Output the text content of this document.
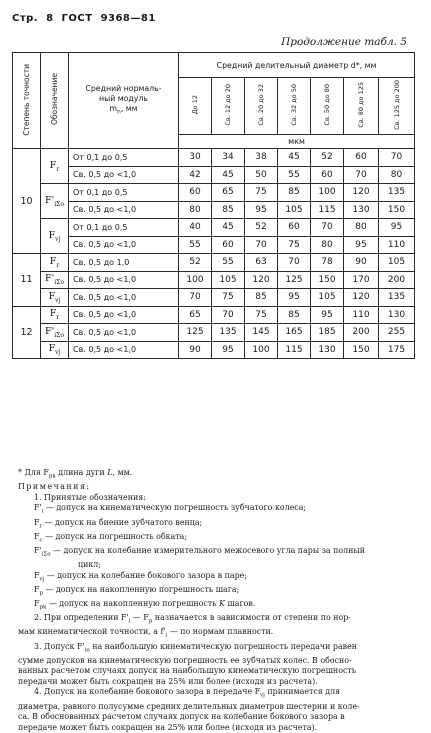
Стр. 8 ГОСТ 9368—81
Продолжение табл. 5
Степень точности	Обозначение	Средний нормаль-
ный модуль
$m_n$, мм	Средний делительный диаметр d*, мм						
			До 12	Св. 12 до 20	Св. 20 до 32	Св. 32 до 50	Св. 50 до 80	Св. 80 до 125	Св. 125 до 200
			мкм						
10	$F_r$	От 0,1 до 0,5	30	34	38	45	52	60	70
		Св. 0,5 до <1,0	42	45	50	55	60	70	80
	$F'_{i\Sigma o}$	От 0,1 до 0,5	60	65	75	85	100	120	135
		Св. 0,5 до <1,0	80	85	95	105	115	130	150
	$F_{vj}$	От 0,1 до 0,5	40	45	52	60	70	80	95
		Св. 0,5 до <1,0	55	60	70	75	80	95	110
11	$F_r$	Св. 0,5 до 1,0	52	55	63	70	78	90	105
	$F'_{i\Sigma o}$	Св. 0,5 до <1,0	100	105	120	125	150	170	200
	$F_{vj}$	Св. 0,5 до <1,0	70	75	85	95	105	120	135
12	$F_r$	Св. 0,5 до <1,0	65	70	75	85	95	110	130
	$F'_{i\Sigma o}$	Св. 0,5 до <1,0	125	135	145	165	185	200	255
	$F_{vj}$	Св. 0,5 до <1,0	90	95	100	115	130	150	175
* Для $F_{pk}$ длина дуги L, мм.
Примечания:
1. Принятые обозначения:
$F'_i$ — допуск на кинематическую погрешность зубчатого колеса;
$F_r$ — допуск на биение зубчатого венца;
$F_c$ — допуск на погрешность обката;
$F'_{i\Sigma o}$ — допуск на колебание измерительного межосевого угла пары за полный
цикл;
$F_{vj}$ — допуск на колебание бокового зазора в паре;
$F_p$ — допуск на накопленную погрешность шага;
$F_{pk}$ — допуск на накопленную погрешность K шагов.
2. При определении $F'_i$ — $F_p$ назначается в зависимости от степени по нор-
мам кинематической точности, а $f'_i$ — по нормам плавности.
3. Допуск $F'_{io}$ на наибольшую кинематическую погрешность передачи равен
сумме допусков на кинематическую погрешность ее зубчатых колес. В обосно-
ванных расчетом случаях допуск на наибольшую кинематическую погрешность
передачи может быть сокращен на 25% или более (исходя из расчета).
4. Допуск на колебание бокового зазора в передаче $F_{vj}$ принимается для
диаметра, равного полусумме средних делительных диаметров шестерни и коле-
са. В обоснованных расчетом случаях допуск на колебание бокового зазора в
передаче может быть сокращен на 25% или более (исходя из расчета).
